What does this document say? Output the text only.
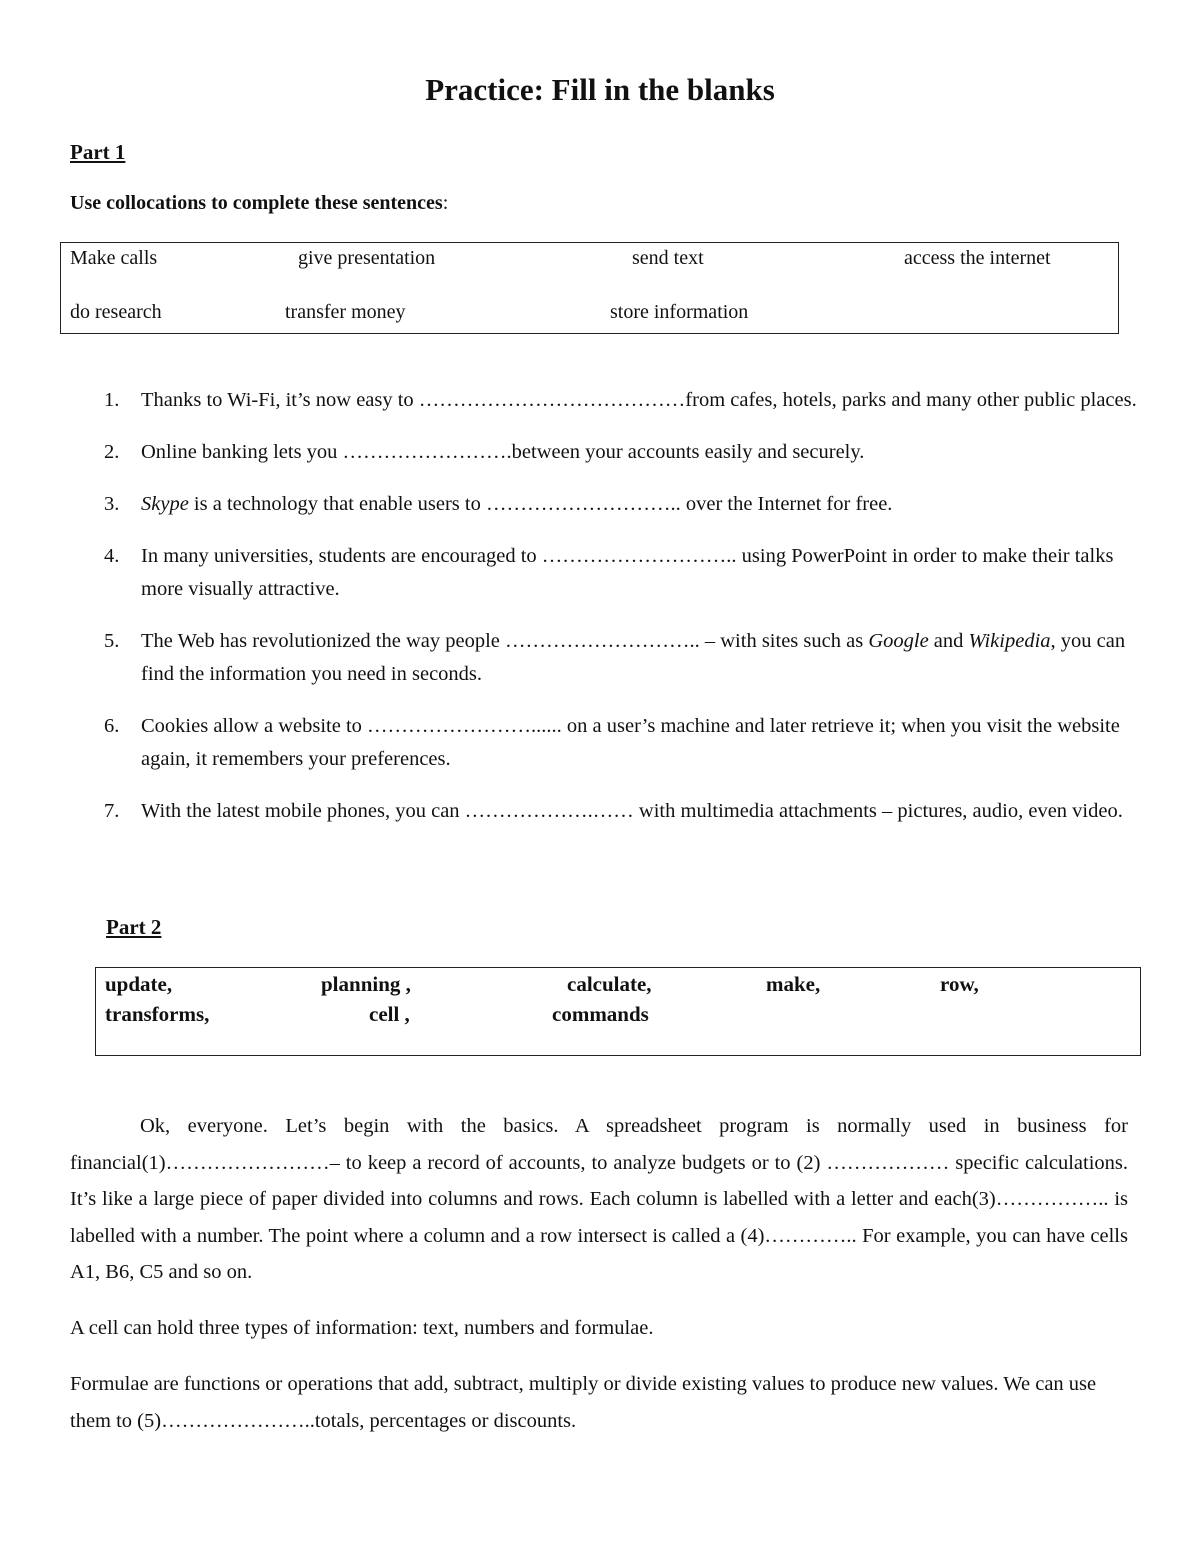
Practice: Fill in the blanks
Part 1
Use collocations to complete these sentences:
Make calls	give presentation	send text	access the internet
do research	transfer money	store information
1. Thanks to Wi-Fi, it’s now easy to …………………………………from cafes, hotels, parks and many other public places.
2. Online banking lets you …………………….between your accounts easily and securely.
3. Skype is a technology that enable users to ……………………….. over the Internet for free.
4. In many universities, students are encouraged to ……………………….. using PowerPoint in order to make their talks more visually attractive.
5. The Web has revolutionized the way people ……………………….. – with sites such as Google and Wikipedia, you can find the information you need in seconds.
6. Cookies allow a website to ……………………...... on a user’s machine and later retrieve it; when you visit the website again, it remembers your preferences.
7. With the latest mobile phones, you can ……………….…… with multimedia attachments – pictures, audio, even video.
Part 2
update,	planning ,	calculate,	make,	row,
transforms,	cell ,	commands
Ok, everyone. Let’s begin with the basics. A spreadsheet program is normally used in business for financial(1)……………………– to keep a record of accounts, to analyze budgets or to (2) ……………… specific calculations. It’s like a large piece of paper divided into columns and rows. Each column is labelled with a letter and each(3)…………….. is labelled with a number. The point where a column and a row intersect is called a (4)………….. For example, you can have cells A1, B6, C5 and so on.
A cell can hold three types of information: text, numbers and formulae.
Formulae are functions or operations that add, subtract, multiply or divide existing values to produce new values. We can use them to (5)…………………..totals, percentages or discounts.
